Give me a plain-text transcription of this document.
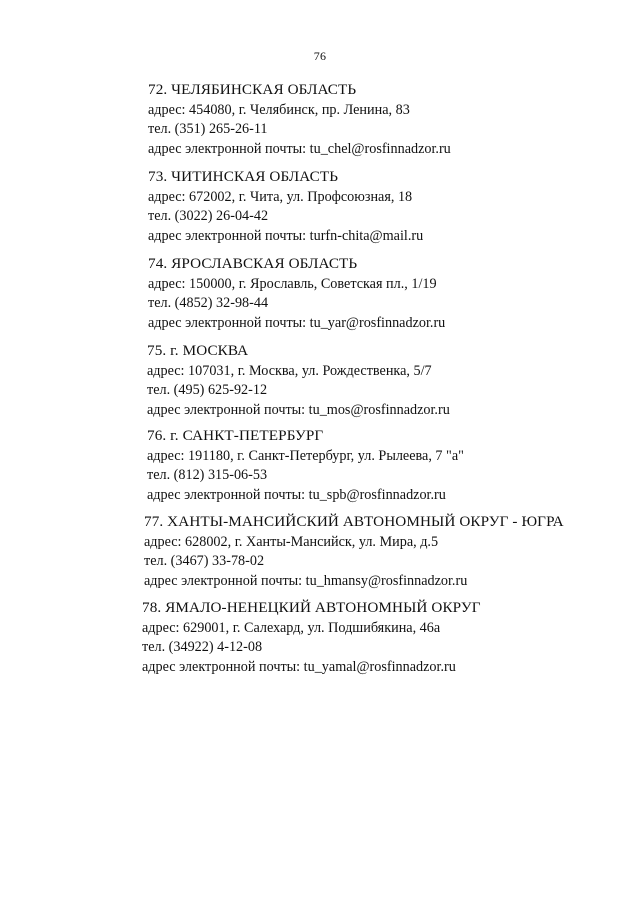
76
72. ЧЕЛЯБИНСКАЯ ОБЛАСТЬ
адрес: 454080, г. Челябинск, пр. Ленина, 83
тел. (351) 265-26-11
адрес электронной почты: tu_chel@rosfinnadzor.ru
73. ЧИТИНСКАЯ ОБЛАСТЬ
адрес: 672002, г. Чита, ул. Профсоюзная, 18
тел. (3022) 26-04-42
адрес электронной почты: turfn-chita@mail.ru
74. ЯРОСЛАВСКАЯ ОБЛАСТЬ
адрес: 150000, г. Ярославль, Советская пл., 1/19
тел. (4852) 32-98-44
адрес электронной почты: tu_yar@rosfinnadzor.ru
75. г. МОСКВА
адрес: 107031, г. Москва, ул. Рождественка, 5/7
тел. (495) 625-92-12
адрес электронной почты: tu_mos@rosfinnadzor.ru
76. г. САНКТ-ПЕТЕРБУРГ
адрес: 191180, г. Санкт-Петербург, ул. Рылеева, 7 "а"
тел. (812) 315-06-53
адрес электронной почты: tu_spb@rosfinnadzor.ru
77. ХАНТЫ-МАНСИЙСКИЙ АВТОНОМНЫЙ ОКРУГ - ЮГРА
адрес: 628002, г. Ханты-Мансийск, ул. Мира, д.5
тел. (3467) 33-78-02
адрес электронной почты: tu_hmansy@rosfinnadzor.ru
78. ЯМАЛО-НЕНЕЦКИЙ АВТОНОМНЫЙ ОКРУГ
адрес: 629001, г. Салехард, ул. Подшибякина, 46а
тел. (34922) 4-12-08
адрес электронной почты: tu_yamal@rosfinnadzor.ru
